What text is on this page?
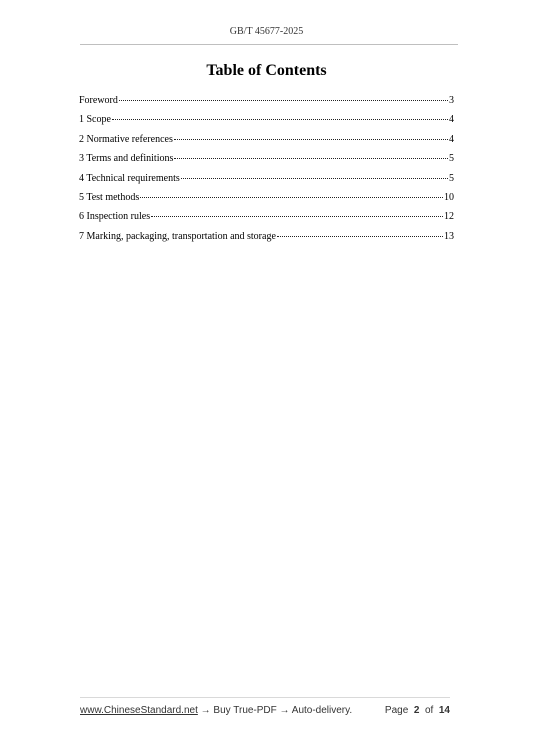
GB/T 45677-2025
Table of Contents
Foreword	3
1 Scope	4
2 Normative references	4
3 Terms and definitions	5
4 Technical requirements	5
5 Test methods	10
6 Inspection rules	12
7 Marking, packaging, transportation and storage	13
www.ChineseStandard.net → Buy True-PDF → Auto-delivery.	Page 2 of 14
